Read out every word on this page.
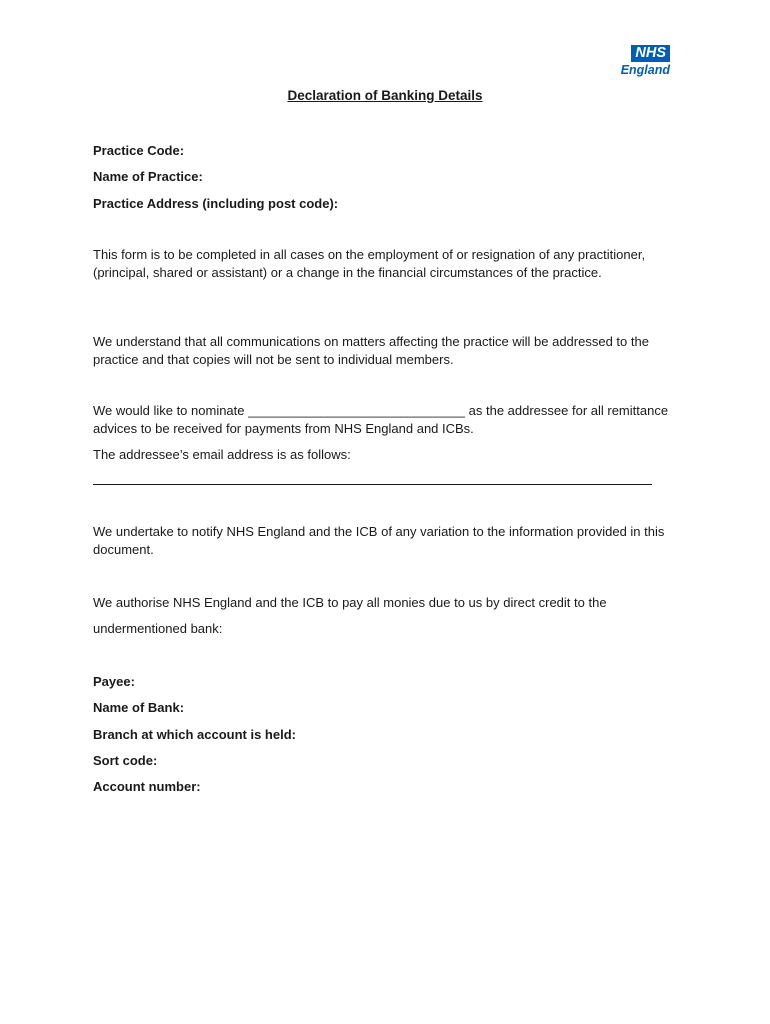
NHS
England
Declaration of Banking Details
Practice Code:
Name of Practice:
Practice Address (including post code):
This form is to be completed in all cases on the employment of or resignation of any practitioner, (principal, shared or assistant) or a change in the financial circumstances of the practice.
We understand that all communications on matters affecting the practice will be addressed to the practice and that copies will not be sent to individual members.
We would like to nominate ______________________________ as the addressee for all remittance advices to be received for payments from NHS England and ICBs.
The addressee’s email address is as follows:
We undertake to notify NHS England and the ICB of any variation to the information provided in this document.
We authorise NHS England and the ICB to pay all monies due to us by direct credit to the
undermentioned bank:
Payee:
Name of Bank:
Branch at which account is held:
Sort code:
Account number:
